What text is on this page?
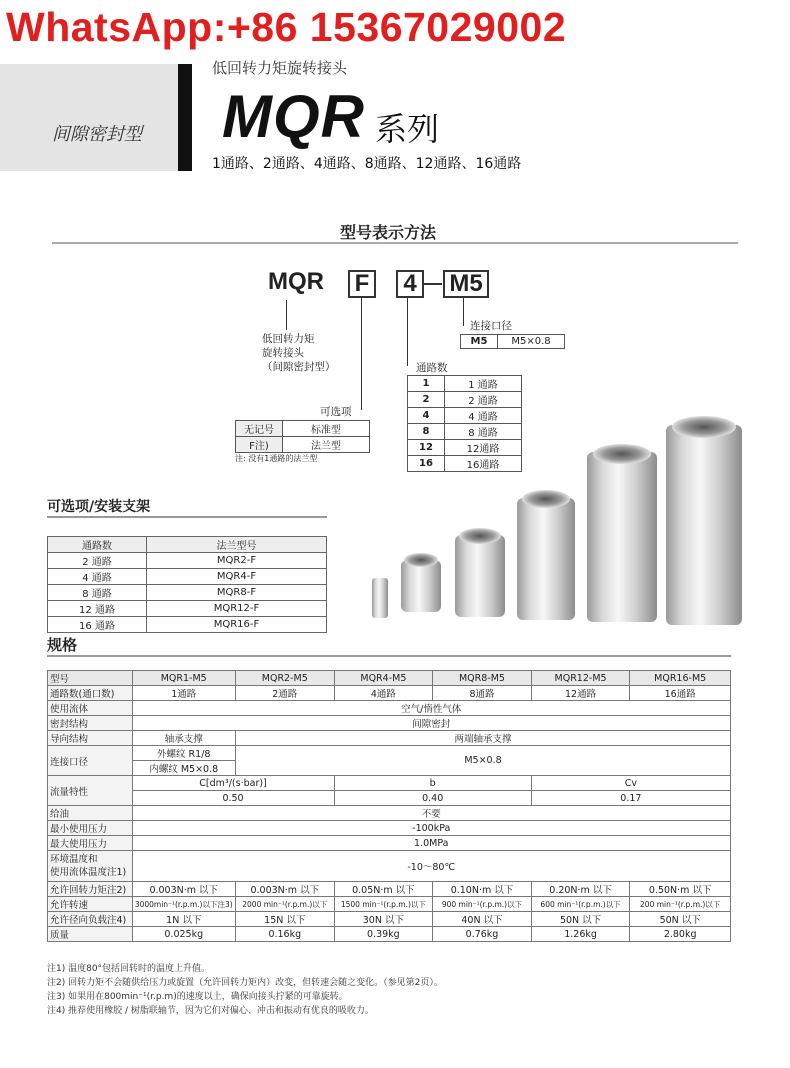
WhatsApp:+86 15367029002
间隙密封型
低回转力矩旋转接头
MQR 系列
1通路、2通路、4通路、8通路、12通路、16通路
型号表示方法
MQR F	4	M5
低回转力矩
旋转接头
（间隙密封型）
连接口径
M5	M5×0.8
通路数
1	1 通路
2	2 通路
4	4 通路
8	8 通路
12	12通路
16	16通路
可选项
无记号	标准型
F注)	法兰型
注: 没有1通路的法兰型
可选项/安装支架
通路数	法兰型号
2 通路	MQR2-F
4 通路	MQR4-F
8 通路	MQR8-F
12 通路	MQR12-F
16 通路	MQR16-F
规格
型号	MQR1-M5	MQR2-M5	MQR4-M5	MQR8-M5	MQR12-M5	MQR16-M5
通路数(通口数)	1通路	2通路	4通路	8通路	12通路	16通路
使用流体	空气/惰性气体					
密封结构	间隙密封					
导向结构	轴承支撑	两端轴承支撑				
连接口径	外螺纹 R1/8	M5×0.8				
	内螺纹 M5×0.8					
流量特性	C[dm³/(s·bar)]		b		Cv	
	0.50		0.40		0.17	
给油	不要					
最小使用压力	-100kPa					
最大使用压力	1.0MPa					
环境温度和
使用流体温度注1)	-10～80℃					
允许回转力矩注2)	0.003N·m 以下	0.003N·m 以下	0.05N·m 以下	0.10N·m 以下	0.20N·m 以下	0.50N·m 以下
允许转速	3000min⁻¹(r.p.m.)以下注3)	2000 min⁻¹(r.p.m.)以下	1500 min⁻¹(r.p.m.)以下	900 min⁻¹(r.p.m.)以下	600 min⁻¹(r.p.m.)以下	200 min⁻¹(r.p.m.)以下
允许径向负载注4)	1N 以下	15N 以下	30N 以下	40N 以下	50N 以下	50N 以下
质量	0.025kg	0.16kg	0.39kg	0.76kg	1.26kg	2.80kg
注1) 温度80°包括回转时的温度上升值。
注2) 回转力矩不会随供给压力或旋置（允许回转力矩内）改变，但转速会随之变化。（参见第2页）。
注3) 如果用在800min⁻¹(r.p.m)的速度以上，确保向接头拧紧的可靠旋转。
注4) 推荐使用橡胶 / 树脂联轴节，因为它们对偏心、冲击和振动有优良的吸收力。
